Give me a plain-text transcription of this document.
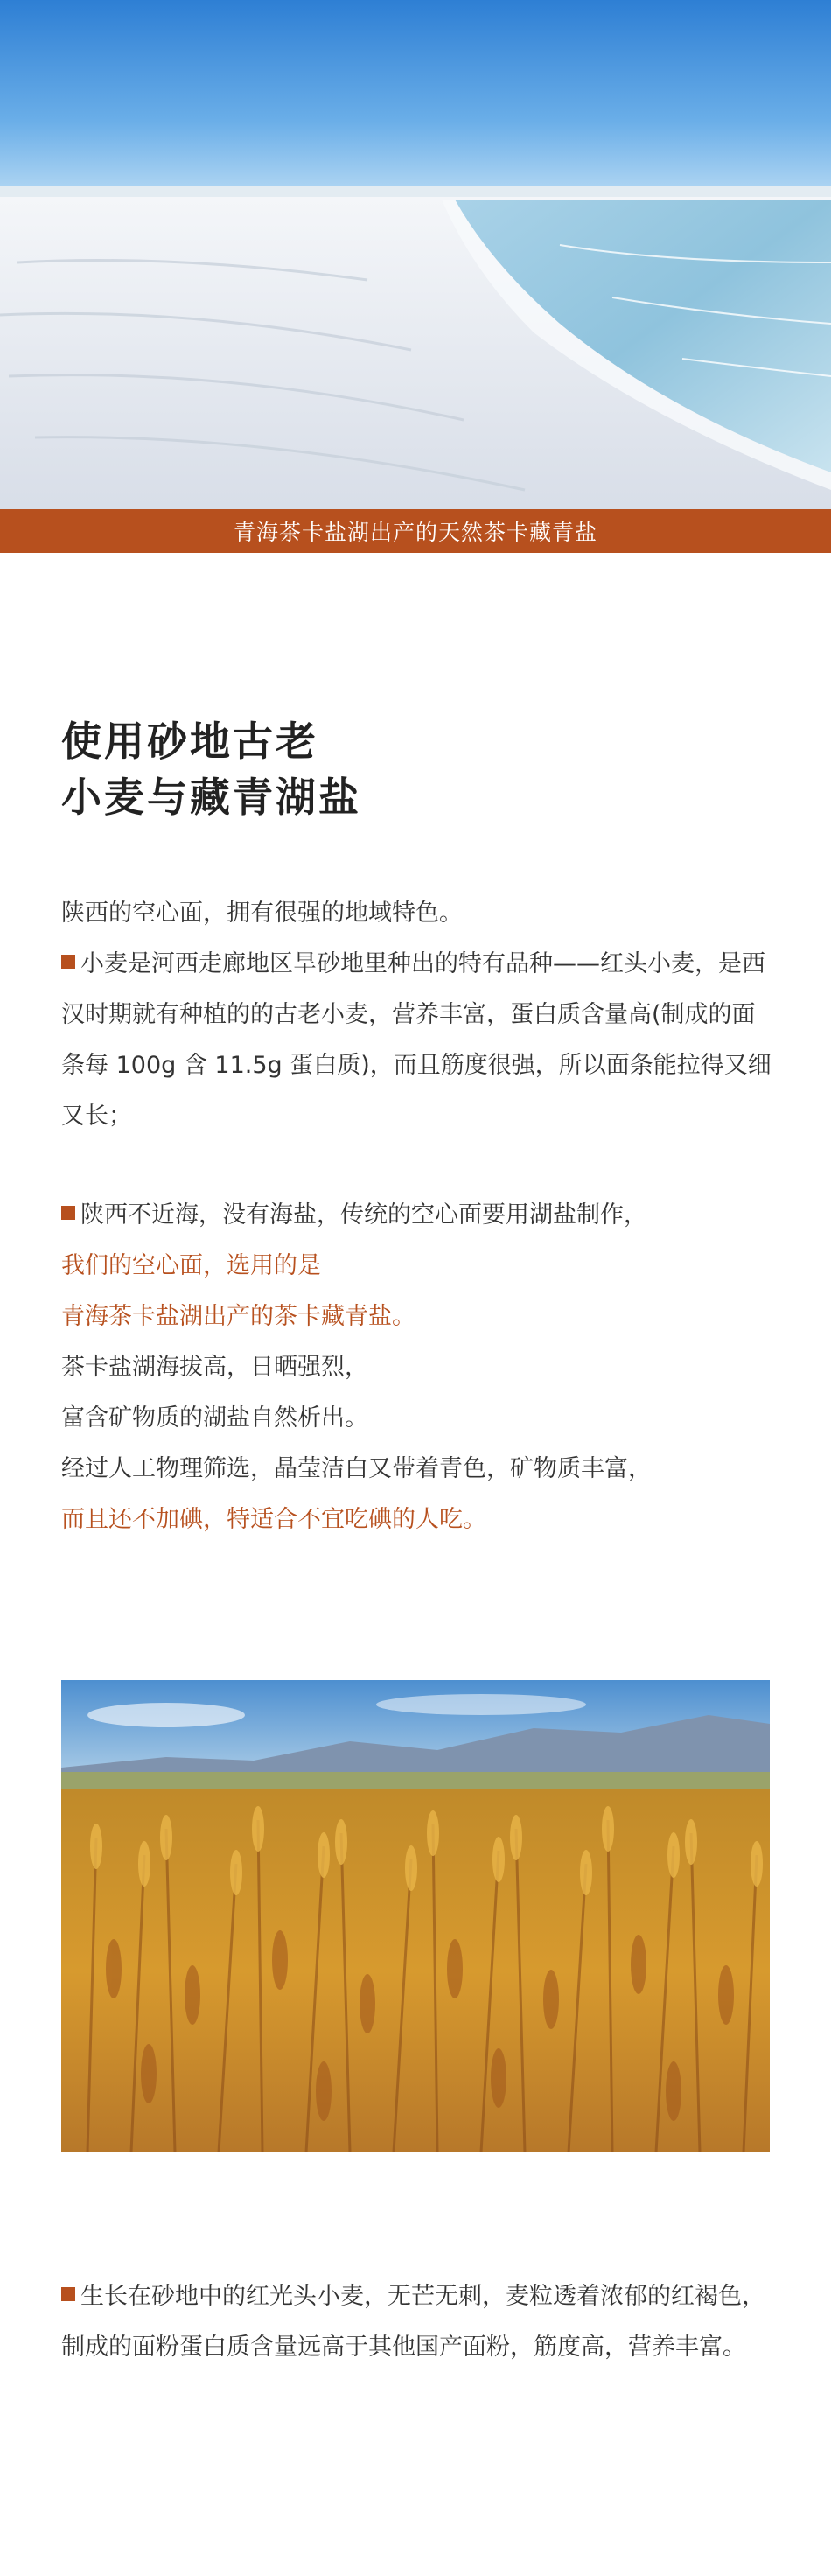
青海茶卡盐湖出产的天然茶卡藏青盐
使用砂地古老
小麦与藏青湖盐

陕西的空心面，拥有很强的地域特色。

小麦是河西走廊地区旱砂地里种出的特有品种——红头小麦，是西汉时期就有种植的的古老小麦，营养丰富，蛋白质含量高(制成的面条每 100g 含 11.5g 蛋白质)，而且筋度很强，所以面条能拉得又细又长；

陕西不近海，没有海盐，传统的空心面要用湖盐制作，

我们的空心面，选用的是

青海茶卡盐湖出产的茶卡藏青盐。

茶卡盐湖海拔高，日晒强烈，

富含矿物质的湖盐自然析出。

经过人工物理筛选，晶莹洁白又带着青色，矿物质丰富，

而且还不加碘，特适合不宜吃碘的人吃。

生长在砂地中的红光头小麦，无芒无刺，麦粒透着浓郁的红褐色，制成的面粉蛋白质含量远高于其他国产面粉，筋度高，营养丰富。
